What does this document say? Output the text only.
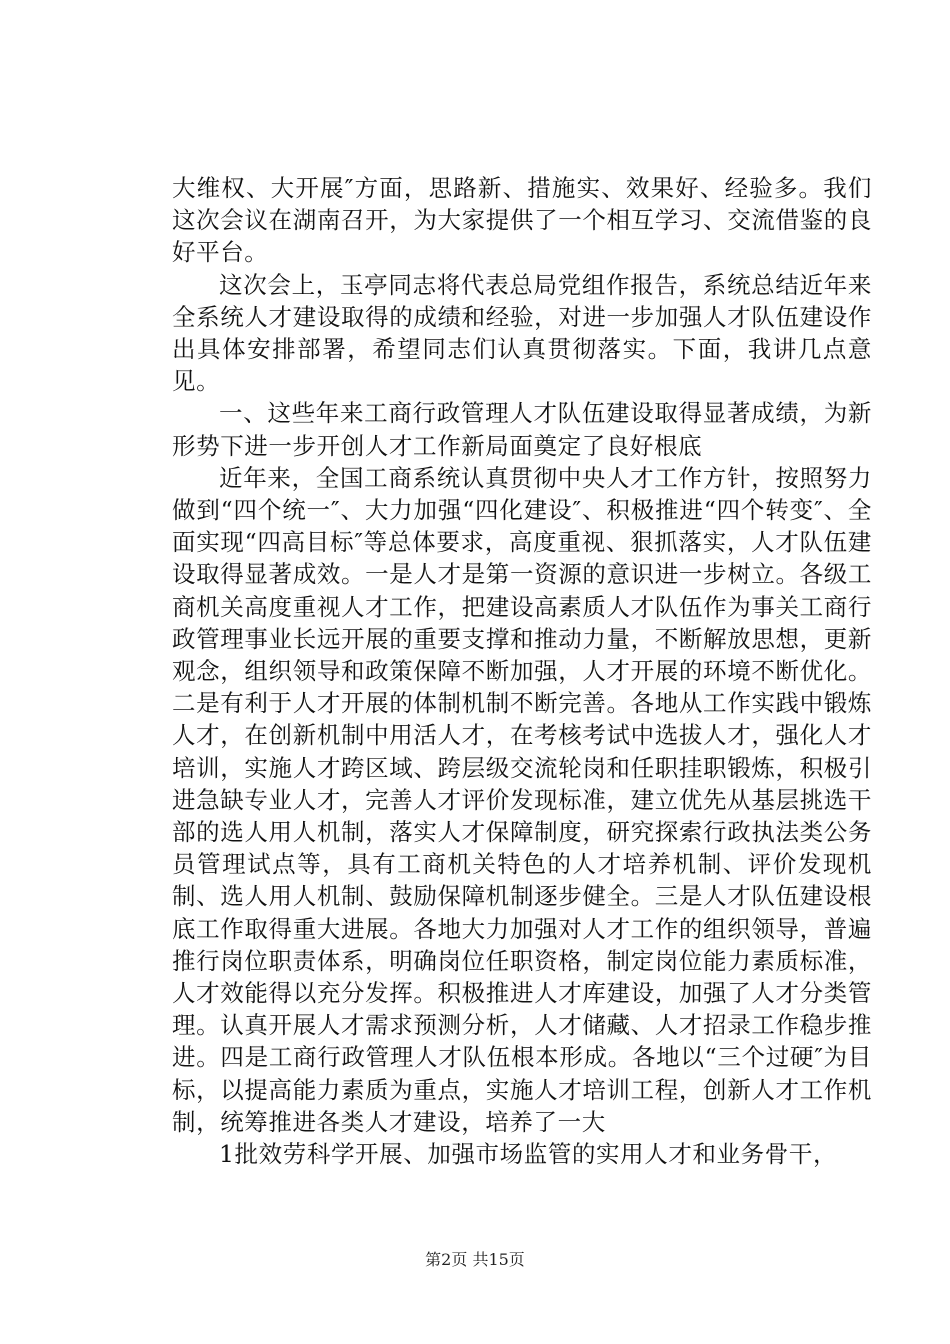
大维权、大开展″方面，思路新、措施实、效果好、经验多。我们这次会议在湖南召开，为大家提供了一个相互学习、交流借鉴的良好平台。

这次会上，玉亭同志将代表总局党组作报告，系统总结近年来全系统人才建设取得的成绩和经验，对进一步加强人才队伍建设作出具体安排部署，希望同志们认真贯彻落实。下面，我讲几点意见。

一、这些年来工商行政管理人才队伍建设取得显著成绩，为新形势下进一步开创人才工作新局面奠定了良好根底

近年来，全国工商系统认真贯彻中央人才工作方针，按照努力做到“四个统一″、大力加强“四化建设″、积极推进“四个转变″、全面实现“四高目标″等总体要求，高度重视、狠抓落实，人才队伍建设取得显著成效。一是人才是第一资源的意识进一步树立。各级工商机关高度重视人才工作，把建设高素质人才队伍作为事关工商行政管理事业长远开展的重要支撑和推动力量，不断解放思想，更新观念，组织领导和政策保障不断加强，人才开展的环境不断优化。二是有利于人才开展的体制机制不断完善。各地从工作实践中锻炼人才，在创新机制中用活人才，在考核考试中选拔人才，强化人才培训，实施人才跨区域、跨层级交流轮岗和任职挂职锻炼，积极引进急缺专业人才，完善人才评价发现标准，建立优先从基层挑选干部的选人用人机制，落实人才保障制度，研究探索行政执法类公务员管理试点等，具有工商机关特色的人才培养机制、评价发现机制、选人用人机制、鼓励保障机制逐步健全。三是人才队伍建设根底工作取得重大进展。各地大力加强对人才工作的组织领导，普遍推行岗位职责体系，明确岗位任职资格，制定岗位能力素质标准，人才效能得以充分发挥。积极推进人才库建设，加强了人才分类管理。认真开展人才需求预测分析，人才储藏、人才招录工作稳步推进。四是工商行政管理人才队伍根本形成。各地以“三个过硬″为目标，以提高能力素质为重点，实施人才培训工程，创新人才工作机制，统筹推进各类人才建设，培养了一大

1批效劳科学开展、加强市场监管的实用人才和业务骨干，

第2页 共15页
